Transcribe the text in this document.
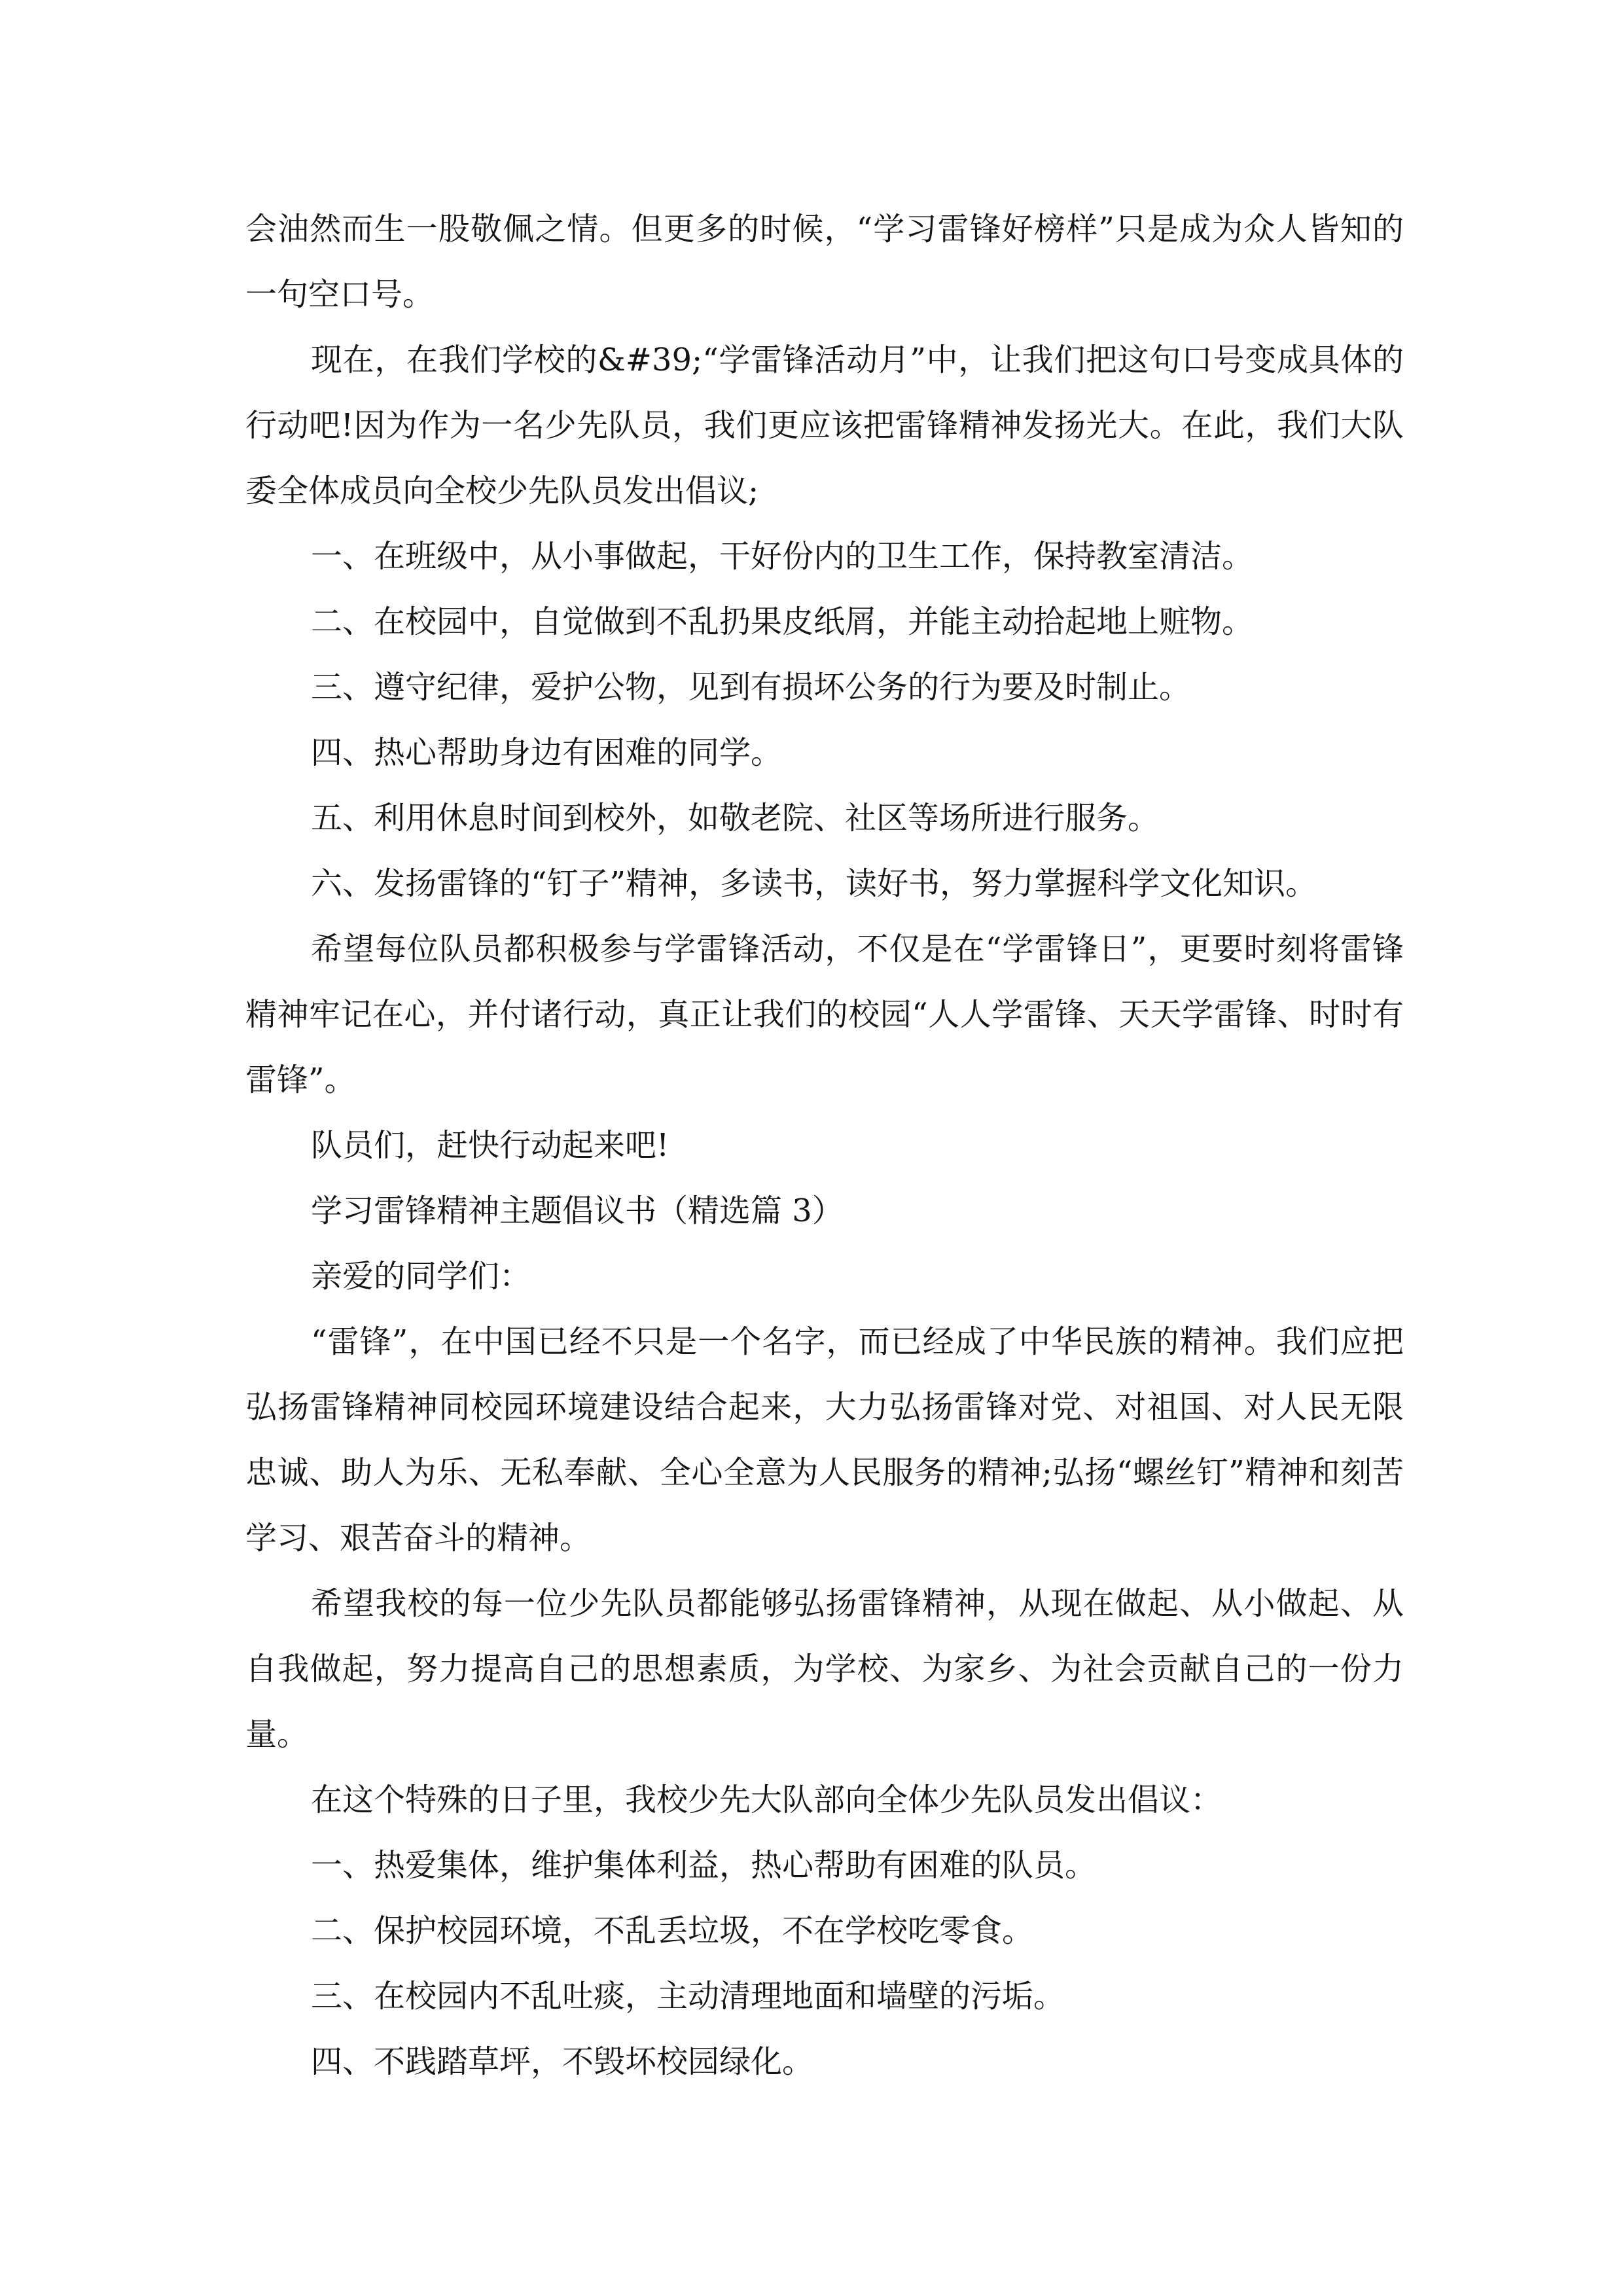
会油然而生一股敬佩之情。但更多的时候，“学习雷锋好榜样”只是成为众人皆知的一句空口号。

现在，在我们学校的&#39;“学雷锋活动月”中，让我们把这句口号变成具体的行动吧!因为作为一名少先队员，我们更应该把雷锋精神发扬光大。在此，我们大队委全体成员向全校少先队员发出倡议;

一、在班级中，从小事做起，干好份内的卫生工作，保持教室清洁。

二、在校园中，自觉做到不乱扔果皮纸屑，并能主动拾起地上赃物。

三、遵守纪律，爱护公物，见到有损坏公务的行为要及时制止。

四、热心帮助身边有困难的同学。

五、利用休息时间到校外，如敬老院、社区等场所进行服务。

六、发扬雷锋的“钉子”精神，多读书，读好书，努力掌握科学文化知识。

希望每位队员都积极参与学雷锋活动，不仅是在“学雷锋日”，更要时刻将雷锋精神牢记在心，并付诸行动，真正让我们的校园“人人学雷锋、天天学雷锋、时时有雷锋”。

队员们，赶快行动起来吧!

学习雷锋精神主题倡议书（精选篇 3）

亲爱的同学们：

“雷锋”，在中国已经不只是一个名字，而已经成了中华民族的精神。我们应把弘扬雷锋精神同校园环境建设结合起来，大力弘扬雷锋对党、对祖国、对人民无限忠诚、助人为乐、无私奉献、全心全意为人民服务的精神;弘扬“螺丝钉”精神和刻苦学习、艰苦奋斗的精神。

希望我校的每一位少先队员都能够弘扬雷锋精神，从现在做起、从小做起、从自我做起，努力提高自己的思想素质，为学校、为家乡、为社会贡献自己的一份力量。

在这个特殊的日子里，我校少先大队部向全体少先队员发出倡议：

一、热爱集体，维护集体利益，热心帮助有困难的队员。

二、保护校园环境，不乱丢垃圾，不在学校吃零食。

三、在校园内不乱吐痰，主动清理地面和墙壁的污垢。

四、不践踏草坪，不毁坏校园绿化。
